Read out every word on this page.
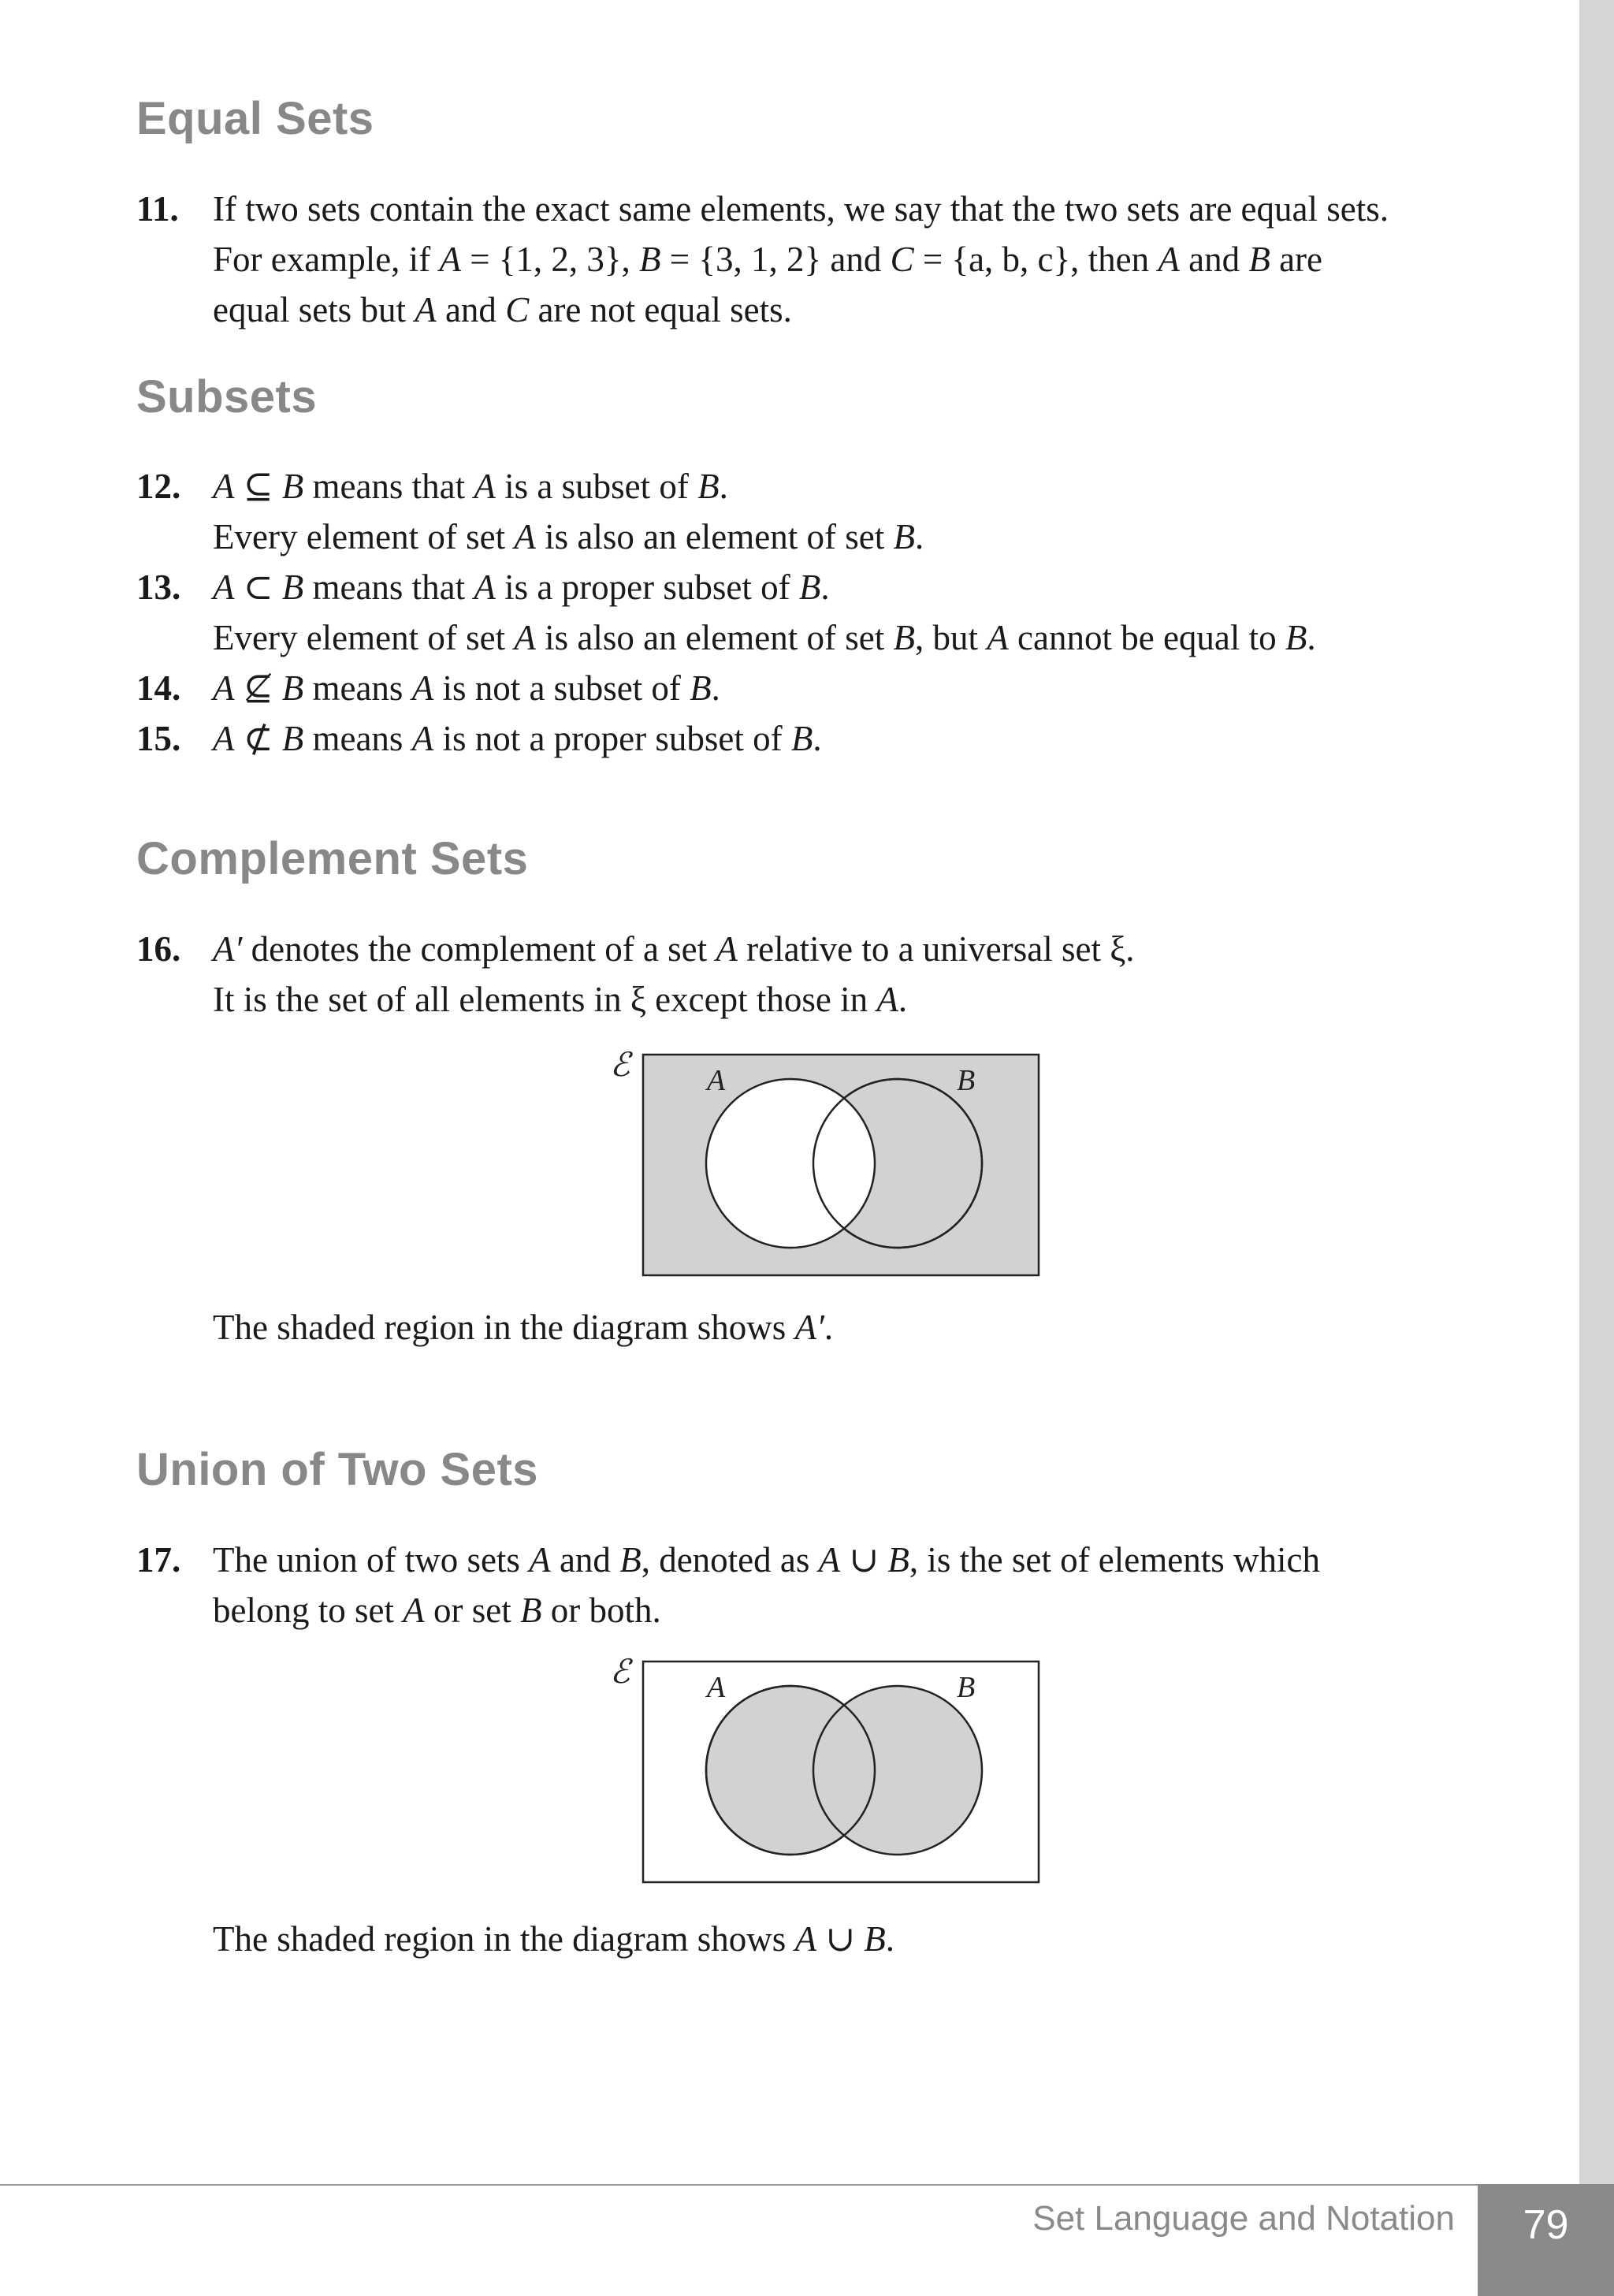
Equal Sets
11. If two sets contain the exact same elements, we say that the two sets are equal sets.
For example, if A = {1, 2, 3}, B = {3, 1, 2} and C = {a, b, c}, then A and B are
equal sets but A and C are not equal sets.
Subsets
12. A ⊆ B means that A is a subset of B.
Every element of set A is also an element of set B.
13. A ⊂ B means that A is a proper subset of B.
Every element of set A is also an element of set B, but A cannot be equal to B.
14. A ⊈ B means A is not a subset of B.
15. A ⊄ B means A is not a proper subset of B.
Complement Sets
16. A′ denotes the complement of a set A relative to a universal set ξ.
It is the set of all elements in ξ except those in A.
ℰ	A	B
The shaded region in the diagram shows A′.
Union of Two Sets
17. The union of two sets A and B, denoted as A ∪ B, is the set of elements which
belong to set A or set B or both.
ℰ	A	B
The shaded region in the diagram shows A ∪ B.
Set Language and Notation	79
